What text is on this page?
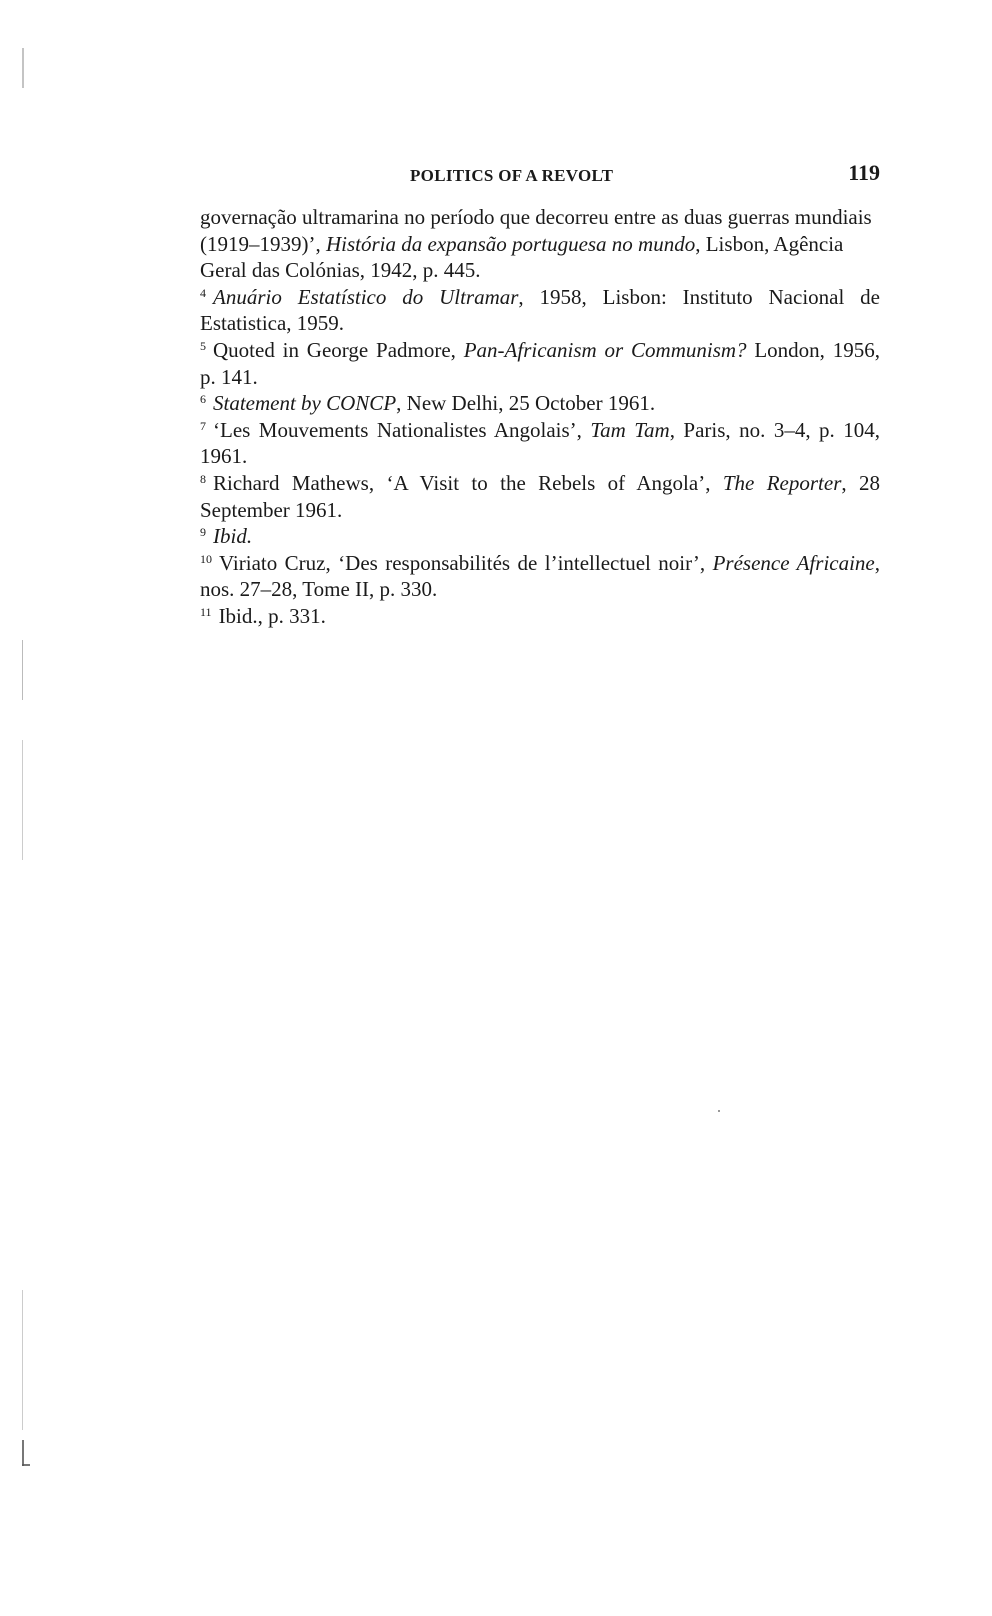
POLITICS OF A REVOLT	119

governação ultramarina no período que decorreu entre as duas guerras mundiais (1919–1939)’, História da expansão portuguesa no mundo, Lisbon, Agência Geral das Colónias, 1942, p. 445.

$^4$ Anuário Estatístico do Ultramar, 1958, Lisbon: Instituto Nacional de Estatistica, 1959.

$^5$ Quoted in George Padmore, Pan-Africanism or Communism? London, 1956, p. 141.

$^6$ Statement by CONCP, New Delhi, 25 October 1961.

$^7$ ‘Les Mouvements Nationalistes Angolais’, Tam Tam, Paris, no. 3–4, p. 104, 1961.

$^8$ Richard Mathews, ‘A Visit to the Rebels of Angola’, The Reporter, 28 September 1961.

$^9$ Ibid.

$^{10}$ Viriato Cruz, ‘Des responsabilités de l’intellectuel noir’, Présence Africaine, nos. 27–28, Tome II, p. 330.

$^{11}$ Ibid., p. 331.
